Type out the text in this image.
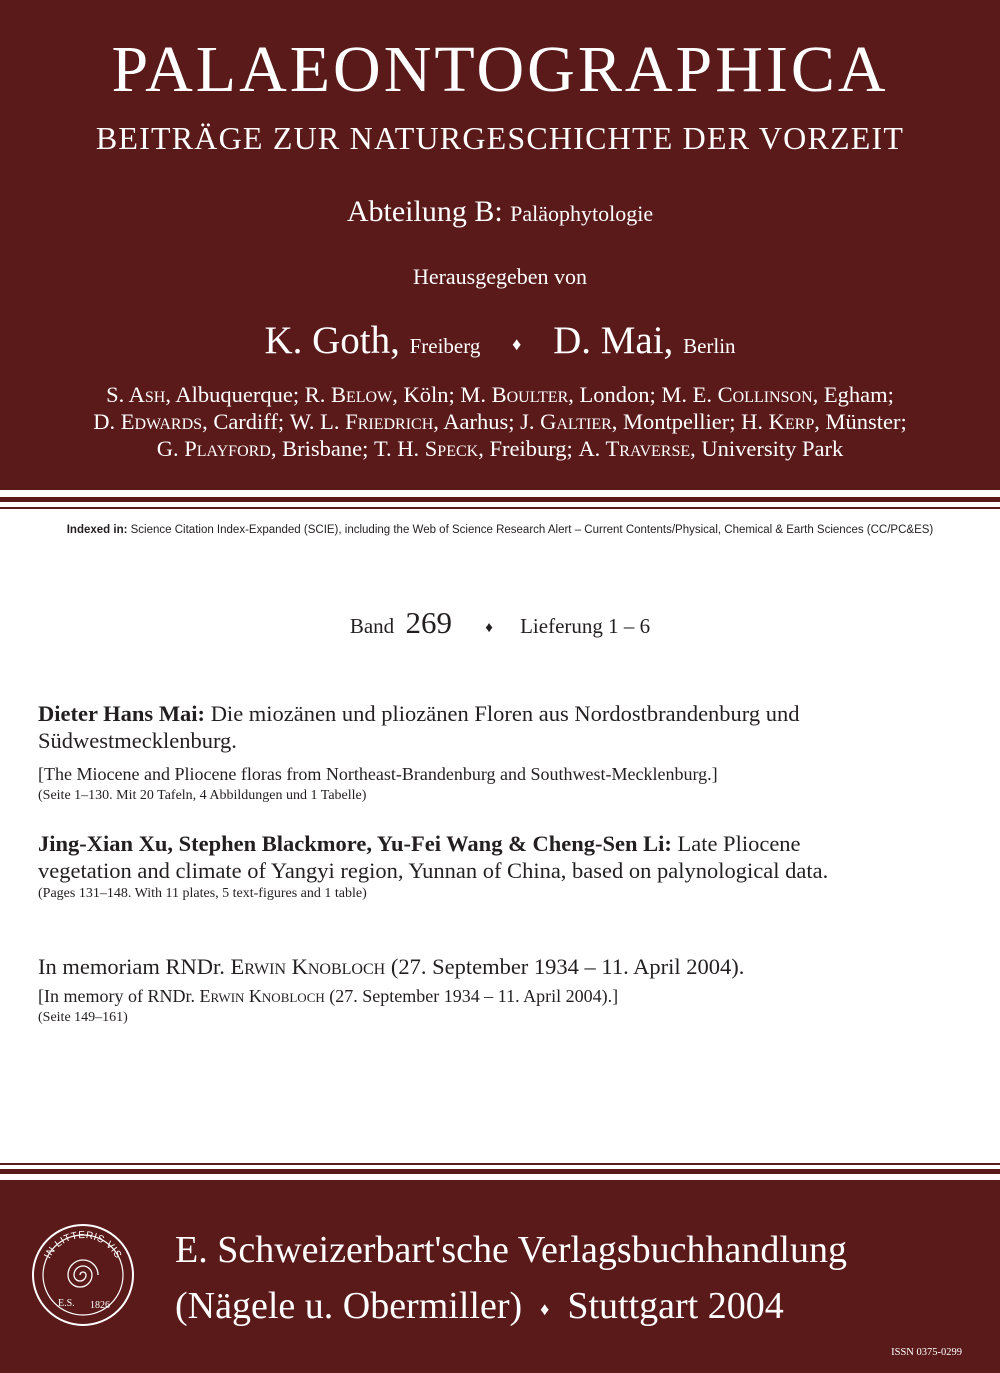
PALAEONTOGRAPHICA
BEITRÄGE ZUR NATURGESCHICHTE DER VORZEIT
Abteilung B: Paläophytologie
Herausgegeben von
K. Goth, Freiberg ♦ D. Mai, Berlin
S. Ash, Albuquerque; R. Below, Köln; M. Boulter, London; M. E. Collinson, Egham;
D. Edwards, Cardiff; W. L. Friedrich, Aarhus; J. Galtier, Montpellier; H. Kerp, Münster;
G. Playford, Brisbane; T. H. Speck, Freiburg; A. Traverse, University Park
Indexed in: Science Citation Index-Expanded (SCIE), including the Web of Science Research Alert – Current Contents/Physical, Chemical & Earth Sciences (CC/PC&ES)
Band 269 ♦ Lieferung 1 – 6
Dieter Hans Mai: Die miozänen und pliozänen Floren aus Nordostbrandenburg und
Südwestmecklenburg.
[The Miocene and Pliocene floras from Northeast-Brandenburg and Southwest-Mecklenburg.]
(Seite 1–130. Mit 20 Tafeln, 4 Abbildungen und 1 Tabelle)
Jing-Xian Xu, Stephen Blackmore, Yu-Fei Wang & Cheng-Sen Li: Late Pliocene
vegetation and climate of Yangyi region, Yunnan of China, based on palynological data.
(Pages 131–148. With 11 plates, 5 text-figures and 1 table)
In memoriam RNDr. Erwin Knobloch (27. September 1934 – 11. April 2004).
[In memory of RNDr. Erwin Knobloch (27. September 1934 – 11. April 2004).]
(Seite 149–161)
IN LITTERIS VIS
E.S. 1826
E. Schweizerbart'sche Verlagsbuchhandlung
(Nägele u. Obermiller) ♦ Stuttgart 2004
ISSN 0375-0299
